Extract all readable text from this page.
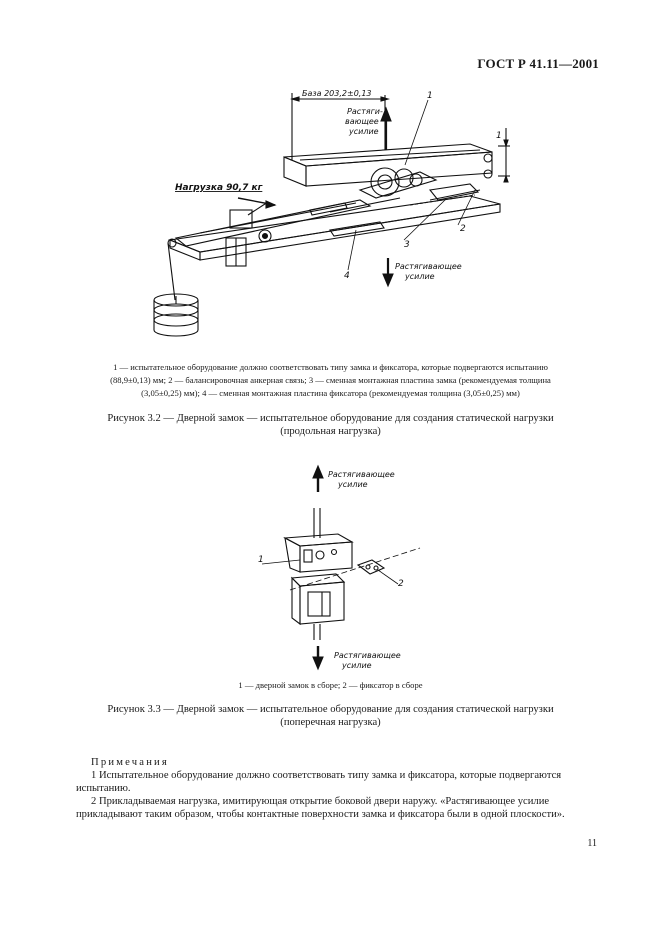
ГОСТ Р 41.11—2001
База 203,2±0,13
Растяги-
вающее
усилие	1
Нагрузка 90,7 кг
Растягивающее
усилие
1
2
3
4
1 — испытательное оборудование должно соответствовать типу замка и фиксатора, которые подвергаются испытанию
(88,9±0,13) мм; 2 — балансировочная анкерная связь; 3 — сменная монтажная пластина замка (рекомендуемая толщина
(3,05±0,25) мм); 4 — сменная монтажная пластина фиксатора (рекомендуемая толщина (3,05±0,25) мм)
Рисунок 3.2 — Дверной замок — испытательное оборудование для создания статической нагрузки
(продольная нагрузка)
Растягивающее
усилие
Растягивающее
усилие
1
2
1 — дверной замок в сборе; 2 — фиксатор в сборе
Рисунок 3.3 — Дверной замок — испытательное оборудование для создания статической нагрузки
(поперечная нагрузка)
Примечания
1 Испытательное оборудование должно соответствовать типу замка и фиксатора, которые подвергаются
испытанию.
2 Прикладываемая нагрузка, имитирующая открытие боковой двери наружу. «Растягивающее усилие
прикладывают таким образом, чтобы контактные поверхности замка и фиксатора были в одной плоскости».
11
